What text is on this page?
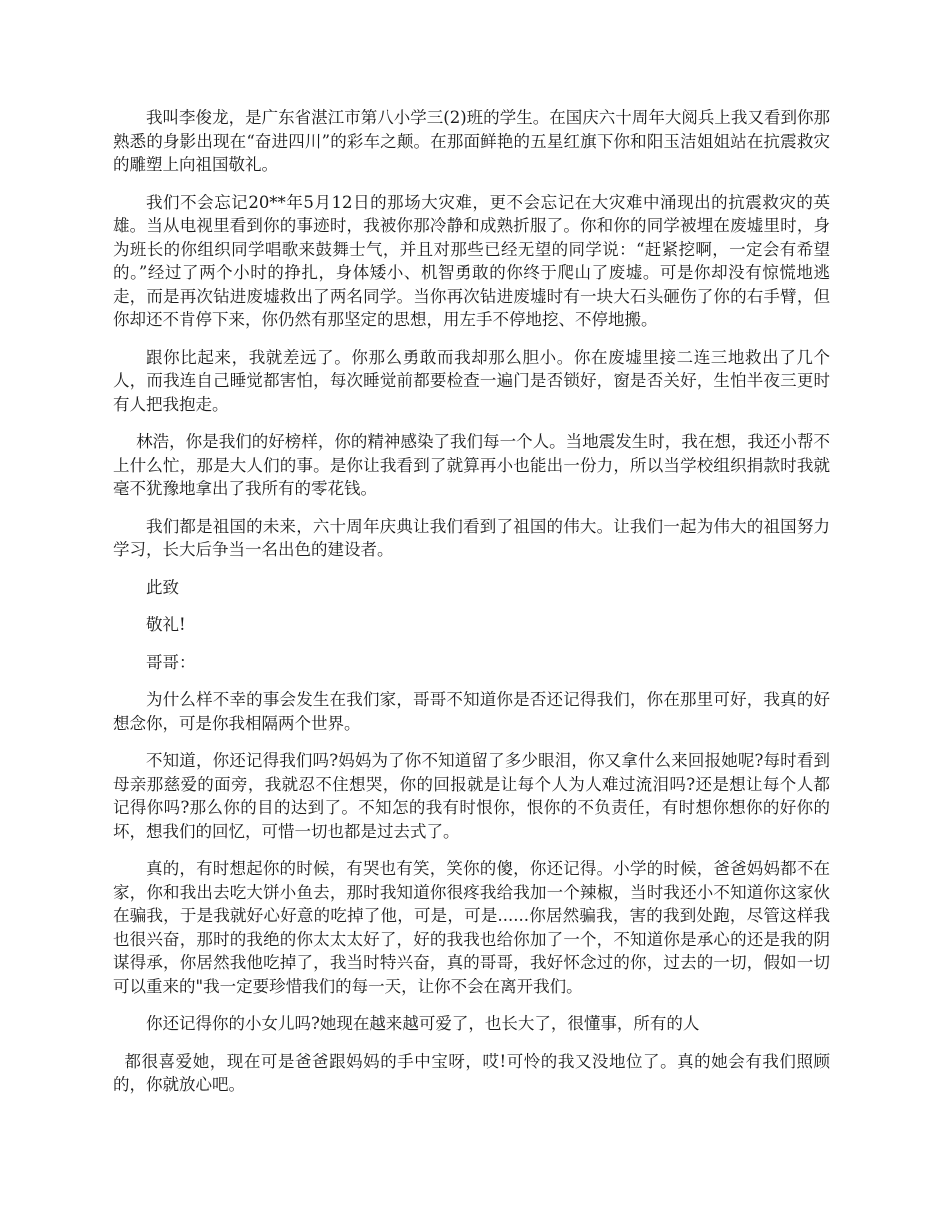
我叫李俊龙，是广东省湛江市第八小学三(2)班的学生。在国庆六十周年大阅兵上我又看到你那熟悉的身影出现在“奋进四川”的彩车之颠。在那面鲜艳的五星红旗下你和阳玉洁姐姐站在抗震救灾的雕塑上向祖国敬礼。

我们不会忘记20**年5月12日的那场大灾难，更不会忘记在大灾难中涌现出的抗震救灾的英雄。当从电视里看到你的事迹时，我被你那冷静和成熟折服了。你和你的同学被埋在废墟里时，身为班长的你组织同学唱歌来鼓舞士气，并且对那些已经无望的同学说：“赶紧挖啊，一定会有希望的。”经过了两个小时的挣扎，身体矮小、机智勇敢的你终于爬山了废墟。可是你却没有惊慌地逃走，而是再次钻进废墟救出了两名同学。当你再次钻进废墟时有一块大石头砸伤了你的右手臂，但你却还不肯停下来，你仍然有那坚定的思想，用左手不停地挖、不停地搬。

跟你比起来，我就差远了。你那么勇敢而我却那么胆小。你在废墟里接二连三地救出了几个人，而我连自己睡觉都害怕，每次睡觉前都要检查一遍门是否锁好，窗是否关好，生怕半夜三更时有人把我抱走。

林浩，你是我们的好榜样，你的精神感染了我们每一个人。当地震发生时，我在想，我还小帮不上什么忙，那是大人们的事。是你让我看到了就算再小也能出一份力，所以当学校组织捐款时我就毫不犹豫地拿出了我所有的零花钱。

我们都是祖国的未来，六十周年庆典让我们看到了祖国的伟大。让我们一起为伟大的祖国努力学习，长大后争当一名出色的建设者。

此致

敬礼!

哥哥：

为什么样不幸的事会发生在我们家，哥哥不知道你是否还记得我们，你在那里可好，我真的好想念你，可是你我相隔两个世界。

不知道，你还记得我们吗?妈妈为了你不知道留了多少眼泪，你又拿什么来回报她呢?每时看到母亲那慈爱的面旁，我就忍不住想哭，你的回报就是让每个人为人难过流泪吗?还是想让每个人都记得你吗?那么你的目的达到了。不知怎的我有时恨你，恨你的不负责任，有时想你想你的好你的坏，想我们的回忆，可惜一切也都是过去式了。

真的，有时想起你的时候，有哭也有笑，笑你的傻，你还记得。小学的时候，爸爸妈妈都不在家，你和我出去吃大饼小鱼去，那时我知道你很疼我给我加一个辣椒，当时我还小不知道你这家伙在骗我，于是我就好心好意的吃掉了他，可是，可是......你居然骗我，害的我到处跑，尽管这样我也很兴奋，那时的我绝的你太太太好了，好的我我也给你加了一个，不知道你是承心的还是我的阴谋得承，你居然我他吃掉了，我当时特兴奋，真的哥哥，我好怀念过的你，过去的一切，假如一切可以重来的"我一定要珍惜我们的每一天，让你不会在离开我们。

你还记得你的小女儿吗?她现在越来越可爱了，也长大了，很懂事，所有的人

都很喜爱她，现在可是爸爸跟妈妈的手中宝呀，哎!可怜的我又没地位了。真的她会有我们照顾的，你就放心吧。
